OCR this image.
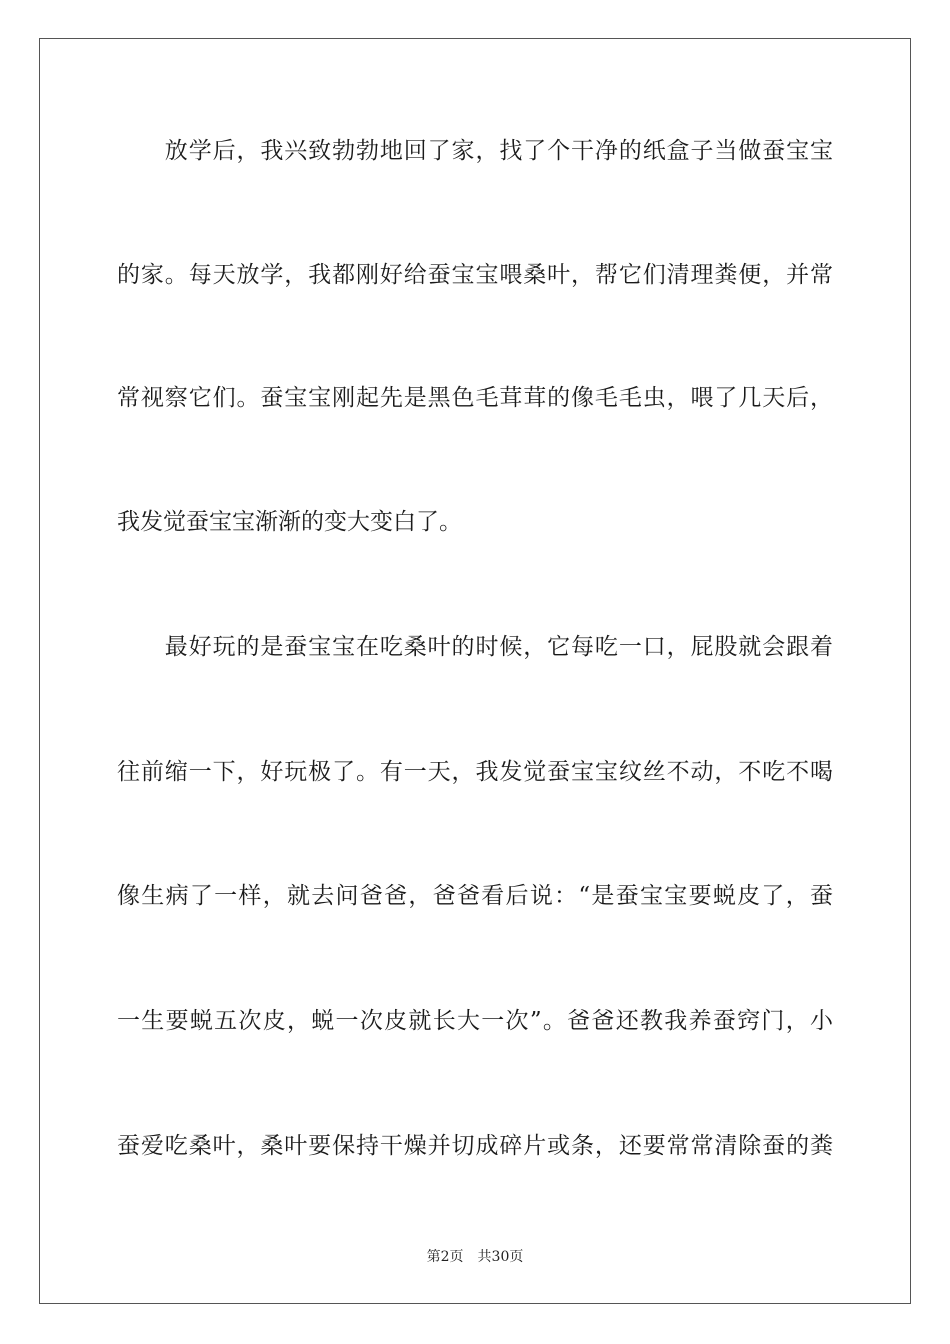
　　放学后，我兴致勃勃地回了家，找了个干净的纸盒子当做蚕宝宝
的家。每天放学，我都刚好给蚕宝宝喂桑叶，帮它们清理粪便，并常
常视察它们。蚕宝宝刚起先是黑色毛茸茸的像毛毛虫，喂了几天后，
我发觉蚕宝宝渐渐的变大变白了。
　　最好玩的是蚕宝宝在吃桑叶的时候，它每吃一口，屁股就会跟着
往前缩一下，好玩极了。有一天，我发觉蚕宝宝纹丝不动，不吃不喝
像生病了一样，就去问爸爸，爸爸看后说：“是蚕宝宝要蜕皮了，蚕
一生要蜕五次皮，蜕一次皮就长大一次”。爸爸还教我养蚕窍门，小
蚕爱吃桑叶，桑叶要保持干燥并切成碎片或条，还要常常清除蚕的粪
第2页 共30页
